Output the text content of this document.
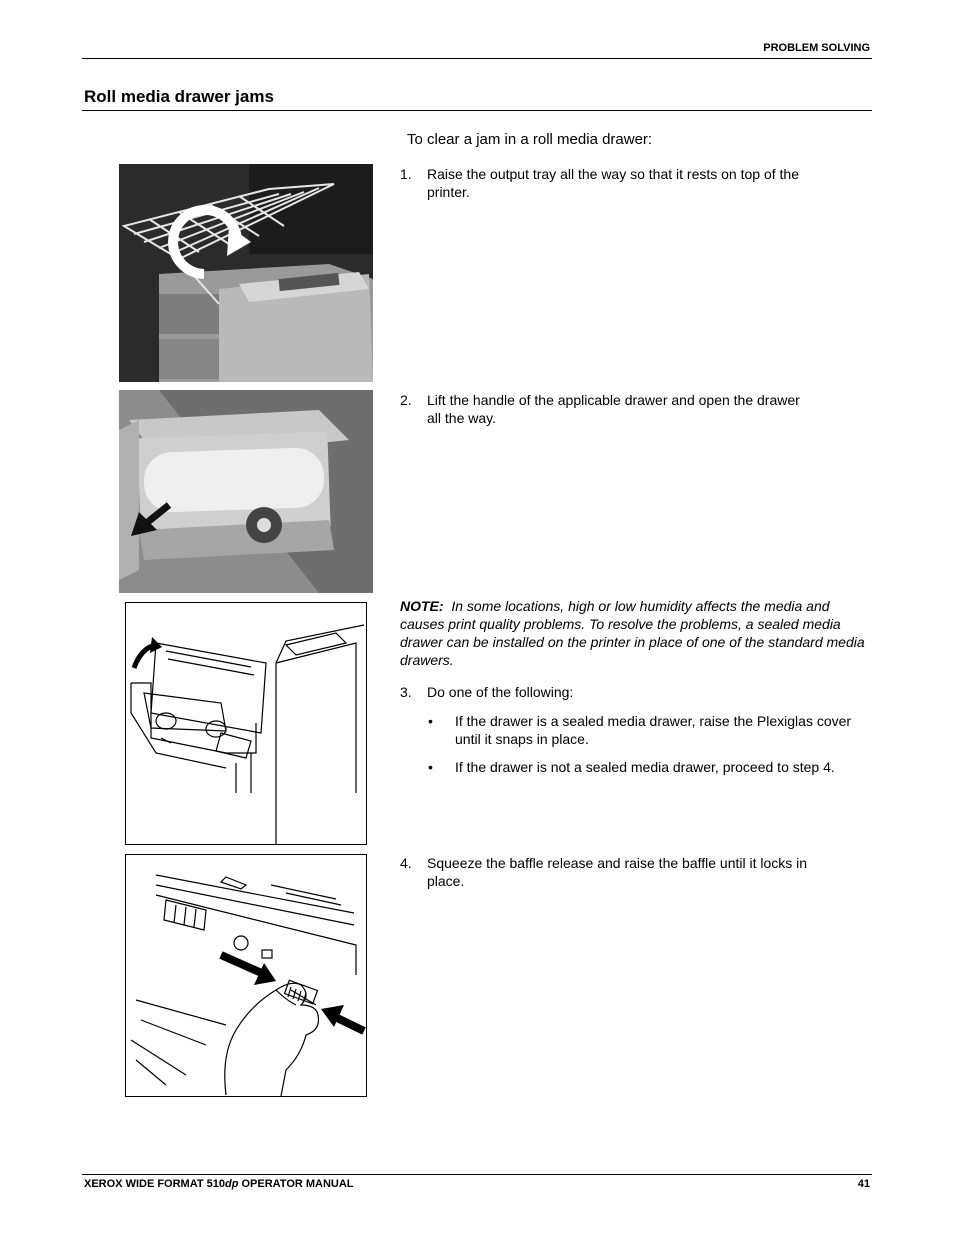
PROBLEM SOLVING
Roll media drawer jams
To clear a jam in a roll media drawer:
1. Raise the output tray all the way so that it rests on top of the
printer.
2. Lift the handle of the applicable drawer and open the drawer
all the way.
NOTE: In some locations, high or low humidity affects the media and causes print quality problems. To resolve the problems, a sealed media drawer can be installed on the printer in place of one of the standard media drawers.
3. Do one of the following:
• If the drawer is a sealed media drawer, raise the Plexiglas cover until it snaps in place.
• If the drawer is not a sealed media drawer, proceed to step 4.
4. Squeeze the baffle release and raise the baffle until it locks in
place.
XEROX WIDE FORMAT 510dp OPERATOR MANUAL	41
